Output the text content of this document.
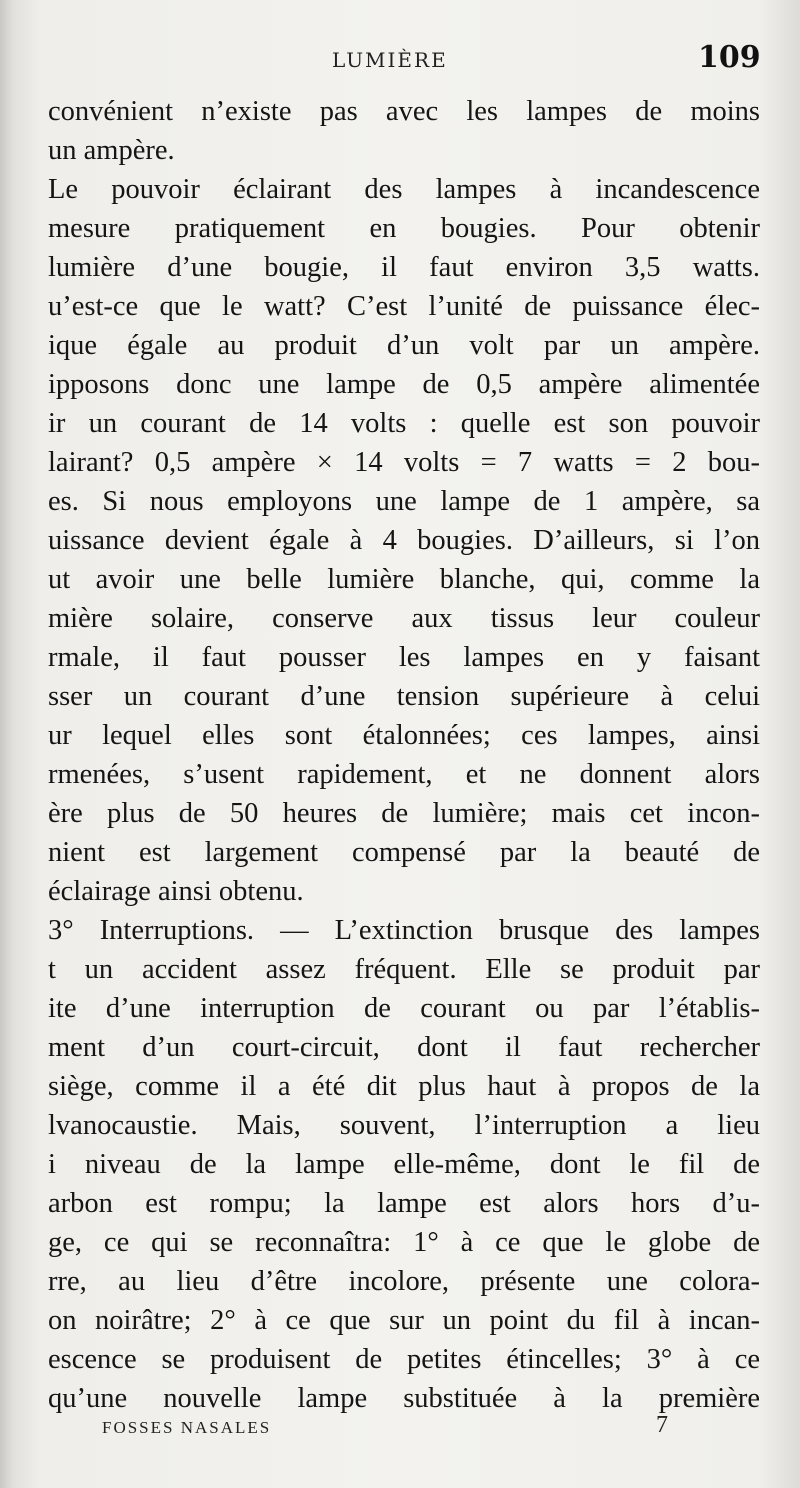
LUMIÈRE	109
convénient n’existe pas avec les lampes de moins
un ampère.
Le pouvoir éclairant des lampes à incandescence
mesure pratiquement en bougies. Pour obtenir
lumière d’une bougie, il faut environ 3,5 watts.
u’est-ce que le watt? C’est l’unité de puissance élec-
ique égale au produit d’un volt par un ampère.
ipposons donc une lampe de 0,5 ampère alimentée
ir un courant de 14 volts : quelle est son pouvoir
lairant? 0,5 ampère × 14 volts = 7 watts = 2 bou-
es. Si nous employons une lampe de 1 ampère, sa
uissance devient égale à 4 bougies. D’ailleurs, si l’on
ut avoir une belle lumière blanche, qui, comme la
mière solaire, conserve aux tissus leur couleur
rmale, il faut pousser les lampes en y faisant
sser un courant d’une tension supérieure à celui
ur lequel elles sont étalonnées; ces lampes, ainsi
rmenées, s’usent rapidement, et ne donnent alors
ère plus de 50 heures de lumière; mais cet incon-
nient est largement compensé par la beauté de
éclairage ainsi obtenu.
3° Interruptions. — L’extinction brusque des lampes
t un accident assez fréquent. Elle se produit par
ite d’une interruption de courant ou par l’établis-
ment d’un court-circuit, dont il faut rechercher
siège, comme il a été dit plus haut à propos de la
lvanocaustie. Mais, souvent, l’interruption a lieu
i niveau de la lampe elle-même, dont le fil de
arbon est rompu; la lampe est alors hors d’u-
ge, ce qui se reconnaîtra: 1° à ce que le globe de
rre, au lieu d’être incolore, présente une colora-
on noirâtre; 2° à ce que sur un point du fil à incan-
escence se produisent de petites étincelles; 3° à ce
qu’une nouvelle lampe substituée à la première
FOSSES NASALES	7
